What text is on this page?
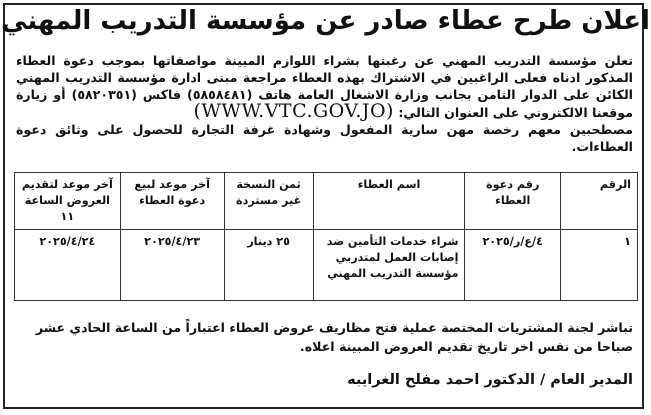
اعلان طرح عطاء صادر عن مؤسسة التدريب المهني

تعلن مؤسسة التدريب المهني عن رغبتها بشراء اللوازم المبينة مواصفاتها بموجب دعوة العطاء المذكور ادناه فعلى الراغبين في الاشتراك بهذه العطاء مراجعة مبنى ادارة مؤسسة التدريب المهني الكائن على الدوار الثامن بجانب وزارة الاشغال العامة هاتف (٥٨٥٨٤٨١) فاكس (٥٨٢٠٣٥١) أو زيارة موقعنا الالكتروني على العنوان التالي: (WWW.VTC.GOV.JO)

مصطحبين معهم رخصة مهن سارية المفعول وشهادة غرفة التجارة للحصول على وثائق دعوة العطاءات.

الرقم	رقم دعوة العطاء	اسم العطاء	ثمن النسخة غير مستردة	آخر موعد لبيع دعوة العطاء	آخر موعد لتقديم العروض الساعة ١١
١	٤/ع/ر/٢٠٢٥	شراء خدمات التأمين ضد إصابات العمل لمتدربي مؤسسة التدريب المهني	٢٥ دينار	٢٠٢٥/٤/٢٣	٢٠٢٥/٤/٢٤
تباشر لجنة المشتريات المختصة عملية فتح مظاريف عروض العطاء اعتباراً من الساعة الحادي عشر صباحا من نفس اخر تاريخ تقديم العروض المبينة اعلاه.
المدير العام / الدكتور احمد مفلح الغرايبه
